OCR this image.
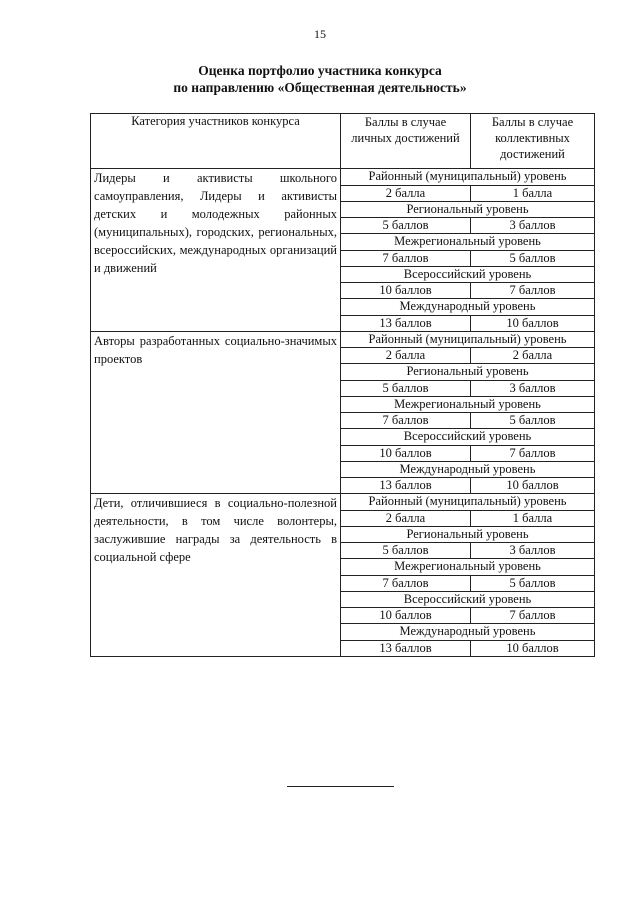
15
Оценка портфолио участника конкурса
по направлению «Общественная деятельность»
Категория участников конкурса	Баллы в случае личных достижений	Баллы в случае коллективных достижений
Лидеры и активисты школьного самоуправления, Лидеры и активисты детских и молодежных районных (муниципальных), городских, региональных, всероссийских, международных организаций и движений	Районный (муниципальный) уровень	
	2 балла	1 балла
	Региональный уровень	
	5 баллов	3 баллов
	Межрегиональный уровень	
	7 баллов	5 баллов
	Всероссийский уровень	
	10 баллов	7 баллов
	Международный уровень	
	13 баллов	10 баллов
Авторы разработанных социально-значимых проектов	Районный (муниципальный) уровень	
	2 балла	2 балла
	Региональный уровень	
	5 баллов	3 баллов
	Межрегиональный уровень	
	7 баллов	5 баллов
	Всероссийский уровень	
	10 баллов	7 баллов
	Международный уровень	
	13 баллов	10 баллов
Дети, отличившиеся в социально-полезной деятельности, в том числе волонтеры, заслужившие награды за деятельность в социальной сфере	Районный (муниципальный) уровень	
	2 балла	1 балла
	Региональный уровень	
	5 баллов	3 баллов
	Межрегиональный уровень	
	7 баллов	5 баллов
	Всероссийский уровень	
	10 баллов	7 баллов
	Международный уровень	
	13 баллов	10 баллов
